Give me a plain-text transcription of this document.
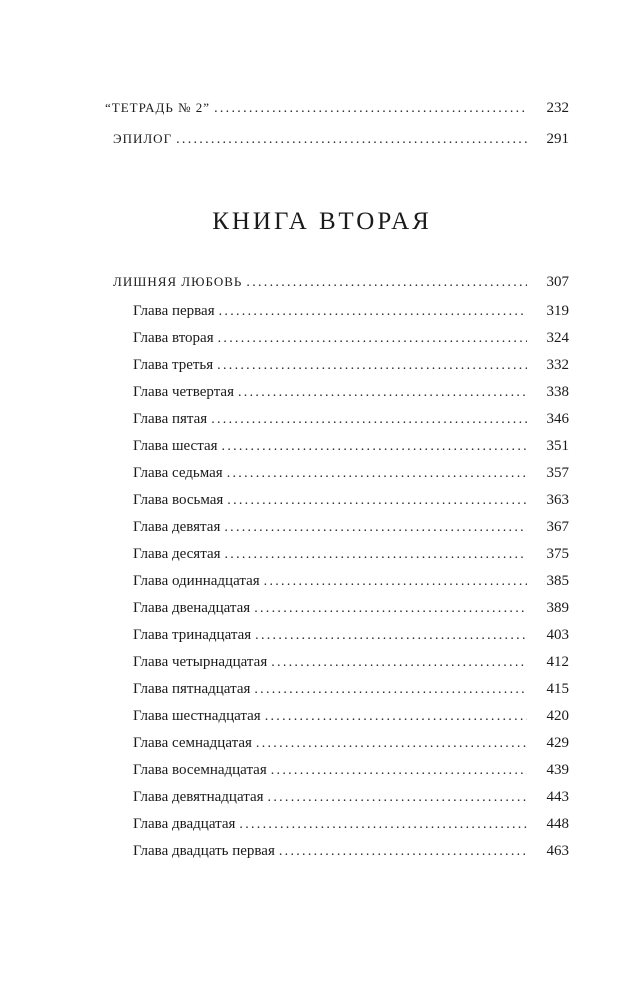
“ТЕТРАДЬ № 2” . . .	232
ЭПИЛОГ . . .	291
ЛИШНЯЯ ЛЮБОВЬ . . .	307
Глава первая . . .	319
Глава вторая . . .	324
Глава третья . . .	332
Глава четвертая . . .	338
Глава пятая . . .	346
Глава шестая . . .	351
Глава седьмая . . .	357
Глава восьмая . . .	363
Глава девятая . . .	367
Глава десятая . . .	375
Глава одиннадцатая . . .	385
Глава двенадцатая . . .	389
Глава тринадцатая . . .	403
Глава четырнадцатая . . .	412
Глава пятнадцатая . . .	415
Глава шестнадцатая . . .	420
Глава семнадцатая . . .	429
Глава восемнадцатая . . .	439
Глава девятнадцатая . . .	443
Глава двадцатая . . .	448
Глава двадцать первая . . .	463
КНИГА ВТОРАЯ
